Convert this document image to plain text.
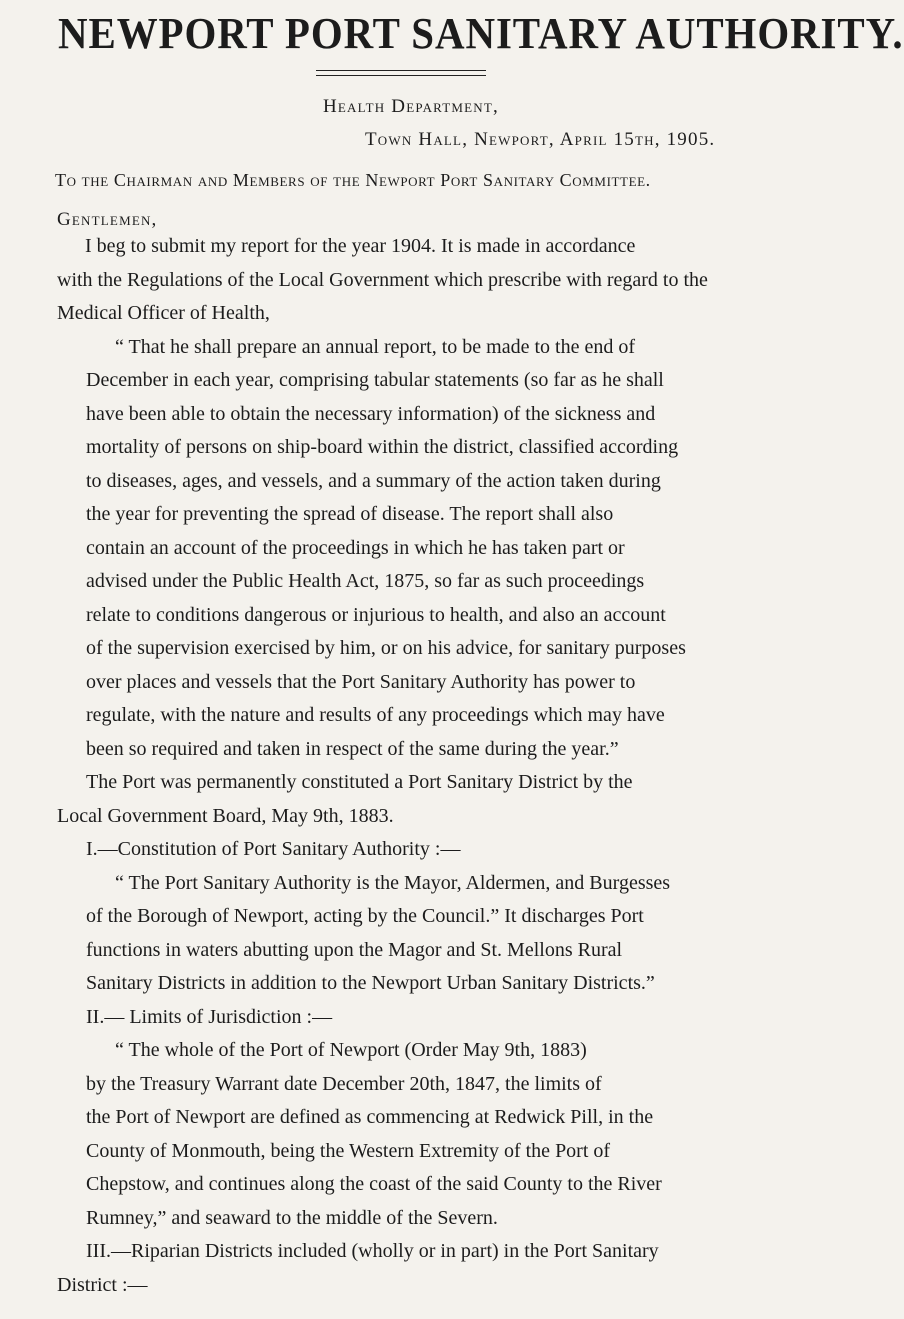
NEWPORT PORT SANITARY AUTHORITY.
Health Department,
Town Hall, Newport, April 15th, 1905.
To the Chairman and Members of the Newport Port Sanitary Committee.
Gentlemen,
I beg to submit my report for the year 1904. It is made in accordance
with the Regulations of the Local Government which prescribe with regard to the
Medical Officer of Health,
“ That he shall prepare an annual report, to be made to the end of
December in each year, comprising tabular statements (so far as he shall
have been able to obtain the necessary information) of the sickness and
mortality of persons on ship-board within the district, classified according
to diseases, ages, and vessels, and a summary of the action taken during
the year for preventing the spread of disease. The report shall also
contain an account of the proceedings in which he has taken part or
advised under the Public Health Act, 1875, so far as such proceedings
relate to conditions dangerous or injurious to health, and also an account
of the supervision exercised by him, or on his advice, for sanitary purposes
over places and vessels that the Port Sanitary Authority has power to
regulate, with the nature and results of any proceedings which may have
been so required and taken in respect of the same during the year.”
The Port was permanently constituted a Port Sanitary District by the
Local Government Board, May 9th, 1883.
I.—Constitution of Port Sanitary Authority :—
“ The Port Sanitary Authority is the Mayor, Aldermen, and Burgesses
of the Borough of Newport, acting by the Council.” It discharges Port
functions in waters abutting upon the Magor and St. Mellons Rural
Sanitary Districts in addition to the Newport Urban Sanitary Districts.”
II.— Limits of Jurisdiction :—
“ The whole of the Port of Newport (Order May 9th, 1883)
by the Treasury Warrant date December 20th, 1847, the limits of
the Port of Newport are defined as commencing at Redwick Pill, in the
County of Monmouth, being the Western Extremity of the Port of
Chepstow, and continues along the coast of the said County to the River
Rumney,” and seaward to the middle of the Severn.
III.—Riparian Districts included (wholly or in part) in the Port Sanitary
District :—
